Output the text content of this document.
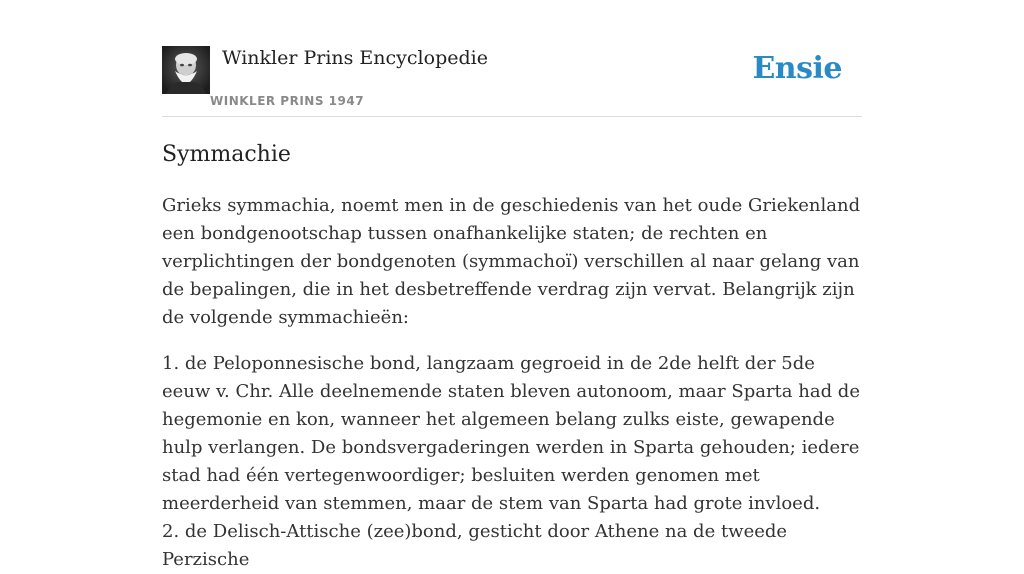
Winkler Prins Encyclopedie
WINKLER PRINS 1947
Ensie
Symmachie

Grieks symmachia, noemt men in de geschiedenis van het oude Griekenland een bondgenootschap tussen onafhankelijke staten; de rechten en verplichtingen der bondgenoten (symmachoï) verschillen al naar gelang van de bepalingen, die in het desbetreffende verdrag zijn vervat. Belangrijk zijn de volgende symmachieën:

1. de Peloponnesische bond, langzaam gegroeid in de 2de helft der 5de eeuw v. Chr. Alle deelnemende staten bleven autonoom, maar Sparta had de hegemonie en kon, wanneer het algemeen belang zulks eiste, gewapende hulp verlangen. De bondsvergaderingen werden in Sparta gehouden; iedere stad had één vertegenwoordiger; besluiten werden genomen met meerderheid van stemmen, maar de stem van Sparta had grote invloed.
2. de Delisch-Attische (zee)bond, gesticht door Athene na de tweede Perzische
